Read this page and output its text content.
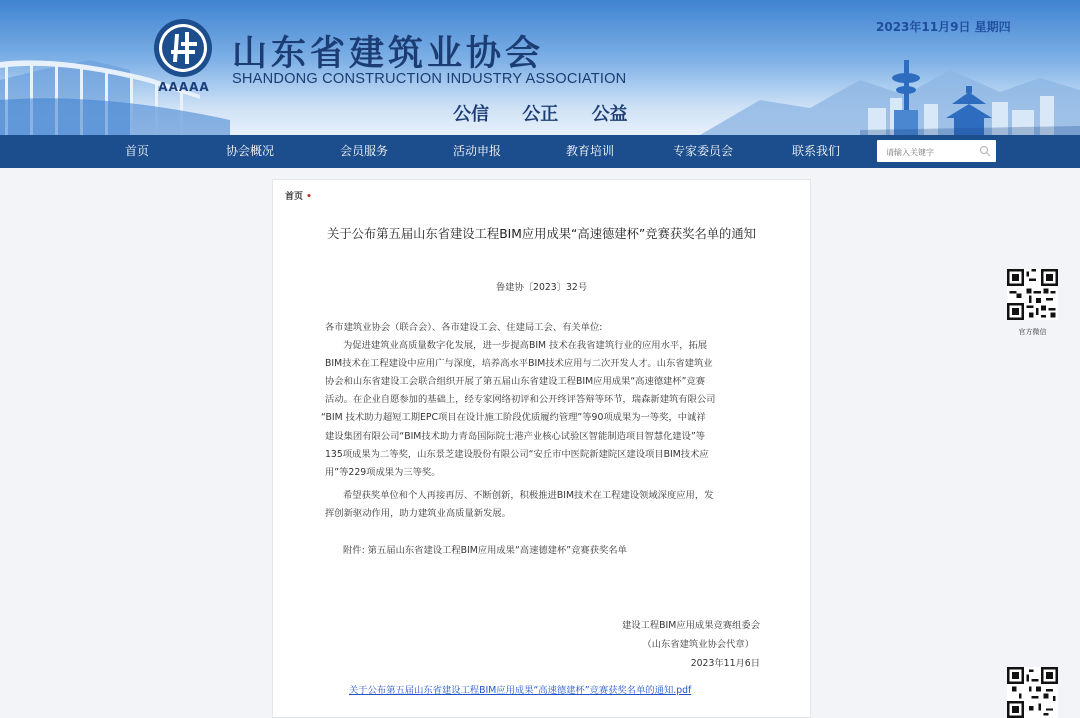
AAAAA
山东省建筑业协会
SHANDONG CONSTRUCTION INDUSTRY ASSOCIATION
公信 公正 公益
2023年11月9日 星期四
首页	协会概况	会员服务	活动申报	教育培训	专家委员会	联系我们
请输入关键字
首页 •
关于公布第五届山东省建设工程BIM应用成果“高速德建杯”竞赛获奖名单的通知
鲁建协〔2023〕32号
各市建筑业协会（联合会）、各市建设工会、住建局工会、有关单位:
为促进建筑业高质量数字化发展，进一步提高BIM 技术在我省建筑行业的应用水平，拓展
BIM技术在工程建设中应用广与深度，培养高水平BIM技术应用与二次开发人才。山东省建筑业
协会和山东省建设工会联合组织开展了第五届山东省建设工程BIM应用成果“高速德建杯”竞赛
活动。在企业自愿参加的基础上，经专家网络初评和公开终评答辩等环节，瑞森新建筑有限公司
“BIM 技术助力超短工期EPC项目在设计施工阶段优质履约管理”等90项成果为一等奖，中诚祥
建设集团有限公司“BIM技术助力青岛国际院士港产业核心试验区智能制造项目智慧化建设”等
135项成果为二等奖，山东景芝建设股份有限公司“安丘市中医院新建院区建设项目BIM技术应
用”等229项成果为三等奖。
希望获奖单位和个人再接再厉、不断创新，积极推进BIM技术在工程建设领域深度应用，发
挥创新驱动作用，助力建筑业高质量新发展。
附件: 第五届山东省建设工程BIM应用成果“高速德建杯”竞赛获奖名单
建设工程BIM应用成果竞赛组委会
（山东省建筑业协会代章）
2023年11月6日
关于公布第五届山东省建设工程BIM应用成果“高速德建杯”竞赛获奖名单的通知.pdf
官方微信
